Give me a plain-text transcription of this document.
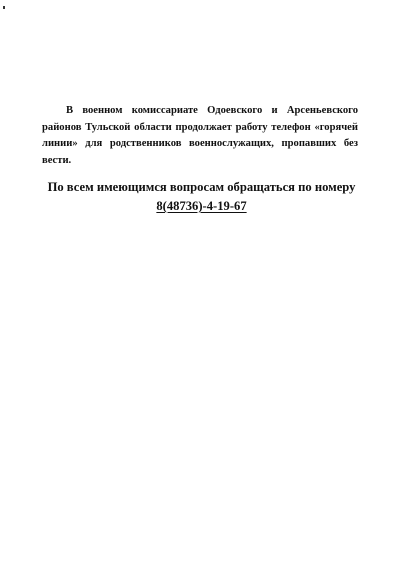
В военном комиссариате Одоевского и Арсеньевского районов Тульской области продолжает работу телефон «горячей линии» для родственников военнослужащих, пропавших без вести.

По всем имеющимся вопросам обращаться по номеру
8(48736)-4-19-67
